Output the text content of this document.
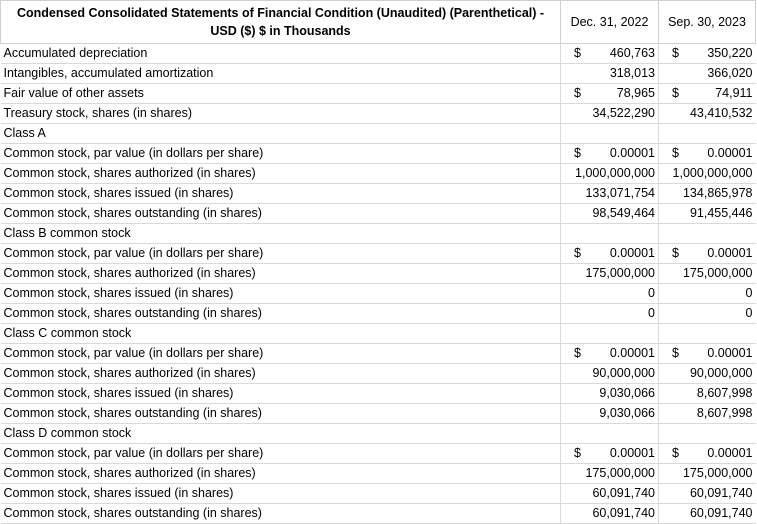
Condensed Consolidated Statements of Financial Condition (Unaudited) (Parenthetical) - USD ($) $ in Thousands	Dec. 31, 2022	Sep. 30, 2023
Accumulated depreciation	$ 460,763	$ 350,220

Intangibles, accumulated amortization	318,013	366,020
Fair value of other assets	$ 78,965	$ 74,911

Treasury stock, shares (in shares)	34,522,290	43,410,532
Class A		
Common stock, par value (in dollars per share)	$ 0.00001	$ 0.00001

Common stock, shares authorized (in shares)	1,000,000,000	1,000,000,000
Common stock, shares issued (in shares)	133,071,754	134,865,978
Common stock, shares outstanding (in shares)	98,549,464	91,455,446
Class B common stock		
Common stock, par value (in dollars per share)	$ 0.00001	$ 0.00001

Common stock, shares authorized (in shares)	175,000,000	175,000,000
Common stock, shares issued (in shares)	0	0
Common stock, shares outstanding (in shares)	0	0
Class C common stock		
Common stock, par value (in dollars per share)	$ 0.00001	$ 0.00001

Common stock, shares authorized (in shares)	90,000,000	90,000,000
Common stock, shares issued (in shares)	9,030,066	8,607,998
Common stock, shares outstanding (in shares)	9,030,066	8,607,998
Class D common stock		
Common stock, par value (in dollars per share)	$ 0.00001	$ 0.00001

Common stock, shares authorized (in shares)	175,000,000	175,000,000
Common stock, shares issued (in shares)	60,091,740	60,091,740
Common stock, shares outstanding (in shares)	60,091,740	60,091,740
